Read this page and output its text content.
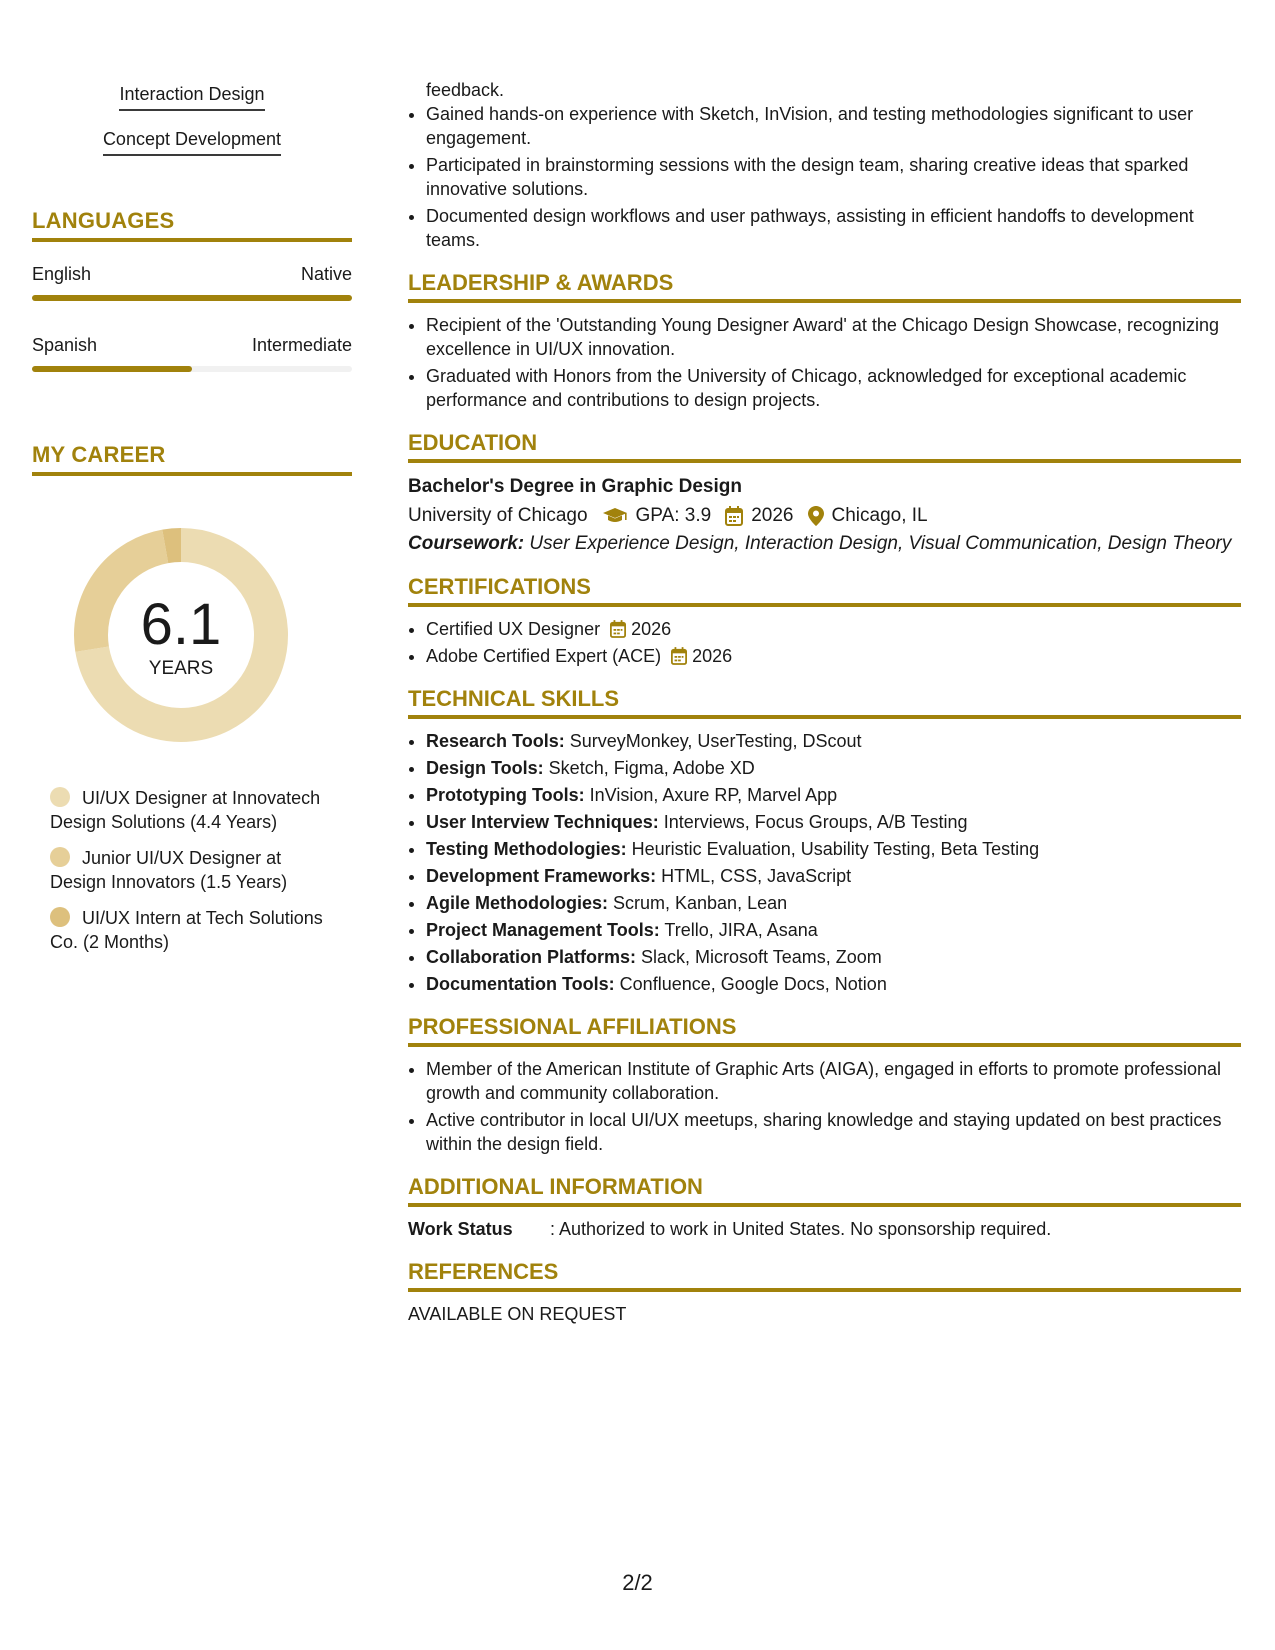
Interaction Design
Concept Development
LANGUAGES
English	Native
Spanish	Intermediate
MY CAREER
6.1
YEARS
UI/UX Designer at Innovatech Design Solutions (4.4 Years)
Junior UI/UX Designer at Design Innovators (1.5 Years)
UI/UX Intern at Tech Solutions Co. (2 Months)
feedback.
• Gained hands-on experience with Sketch, InVision, and testing methodologies significant to user engagement.
• Participated in brainstorming sessions with the design team, sharing creative ideas that sparked innovative solutions.
• Documented design workflows and user pathways, assisting in efficient handoffs to development teams.
LEADERSHIP & AWARDS
• Recipient of the 'Outstanding Young Designer Award' at the Chicago Design Showcase, recognizing excellence in UI/UX innovation.
• Graduated with Honors from the University of Chicago, acknowledged for exceptional academic performance and contributions to design projects.
EDUCATION
Bachelor's Degree in Graphic Design
University of Chicago	GPA: 3.9 2026 Chicago, IL
Coursework: User Experience Design, Interaction Design, Visual Communication, Design Theory
CERTIFICATIONS
• Certified UX Designer 2026
• Adobe Certified Expert (ACE) 2026
TECHNICAL SKILLS
• Research Tools: SurveyMonkey, UserTesting, DScout
• Design Tools: Sketch, Figma, Adobe XD
• Prototyping Tools: InVision, Axure RP, Marvel App
• User Interview Techniques: Interviews, Focus Groups, A/B Testing
• Testing Methodologies: Heuristic Evaluation, Usability Testing, Beta Testing
• Development Frameworks: HTML, CSS, JavaScript
• Agile Methodologies: Scrum, Kanban, Lean
• Project Management Tools: Trello, JIRA, Asana
• Collaboration Platforms: Slack, Microsoft Teams, Zoom
• Documentation Tools: Confluence, Google Docs, Notion
PROFESSIONAL AFFILIATIONS
• Member of the American Institute of Graphic Arts (AIGA), engaged in efforts to promote professional growth and community collaboration.
• Active contributor in local UI/UX meetups, sharing knowledge and staying updated on best practices within the design field.
ADDITIONAL INFORMATION
Work Status	: Authorized to work in United States. No sponsorship required.
REFERENCES
AVAILABLE ON REQUEST
2/2
